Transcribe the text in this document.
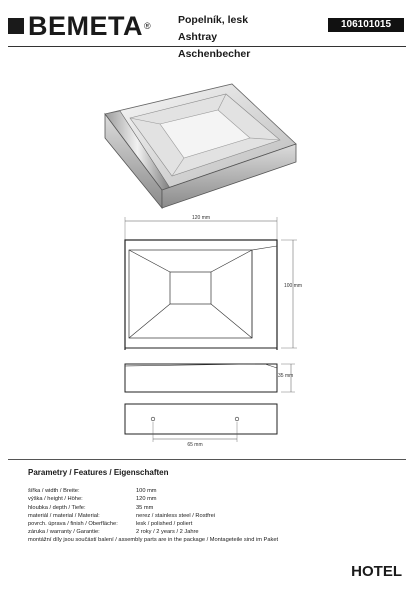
BEMETA ®	Popelník, lesk
Ashtray
Aschenbecher
106101015
120 mm
100 mm
35 mm
65 mm
Parametry / Features / Eigenschaften
šířka / width / Breite:	100 mm
výška / height / Höhe:	120 mm
hloubka / depth / Tiefe:	35 mm
materiál / material / Material:	nerez / stainless steel / Rostfrei
povrch. úprava / finish / Oberfläche:	lesk / polished / poliert
záruka / warranty / Garantie:	2 roky / 2 years / 2 Jahre
montážní díly jsou součástí balení / assembly parts are in the package / Montageteile sind im Paket
HOTEL
